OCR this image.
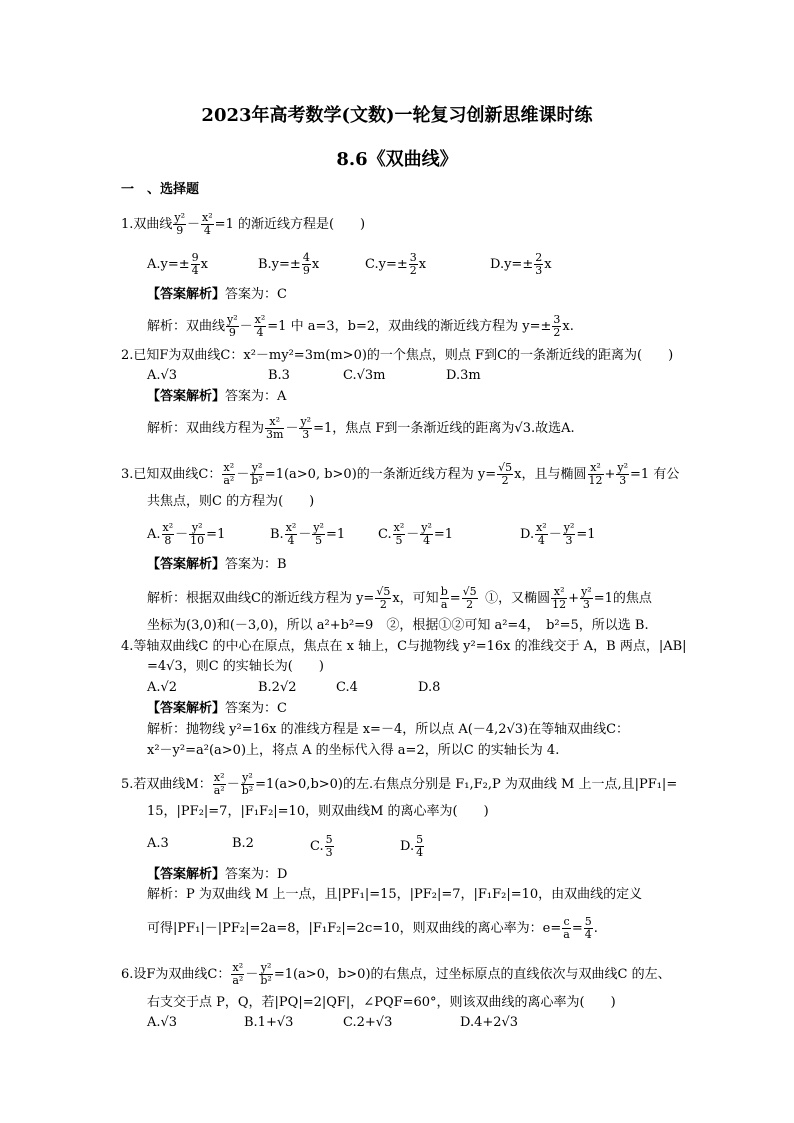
2023年高考数学(文数)一轮复习创新思维课时练
8.6《双曲线》
一　、选择题
1.双曲线 $\frac{\text{y²}}{9} - \frac{\text{x²}}{4} =1$ 的渐近线方程是(　　)
$A.y=\pm \frac{9}{4}$ x	$B.y=\pm \frac{4}{9}$ x	$C.y=\pm \frac{3}{2}$ x	$D.y=\pm \frac{2}{3}$ x
【答案解析】答案为：C
解析：双曲线 $\frac{\text{y²}}{9} - \frac{\text{x²}}{4} =1$ 中 a=3，b=2，双曲线的渐近线方程为 $y=\pm \frac{3}{2} x$.
2.已知F为双曲线C：x²－my²=3m(m>0)的一个焦点，则点 F到C的一条渐近线的距离为(　　)
A.√3	B.3	C.√3m	D.3m
【答案解析】答案为：A
解析：双曲线方程为 $\frac{\text{x²}}{3m} - \frac{\text{y²}}{3} =1$，焦点 F到一条渐近线的距离为√3.故选A.
3.已知双曲线C： $\frac{\text{x²}}{\text{a²}} - \frac{\text{y²}}{\text{b²}} =1(a>0$, b>0)的一条渐近线方程为 $y= \frac{√5}{2}$ x，且与椭圆 $\frac{\text{x²}}{12} + \frac{\text{y²}}{3} =1$ 有公
共焦点，则C 的方程为(　　)
A. $\frac{\text{x²}}{8} - \frac{\text{y²}}{10} =1$	B. $\frac{\text{x²}}{4} - \frac{\text{y²}}{5} =1$	C. $\frac{\text{x²}}{5} - \frac{\text{y²}}{4} =1$	D. $\frac{\text{x²}}{4} - \frac{\text{y²}}{3} =1$
【答案解析】答案为：B
解析：根据双曲线C的渐近线方程为 $y= \frac{√5}{2}$ x，可知 $\frac{b}{a} = \frac{√5}{2}$
  ①，又椭圆 $\frac{\text{x²}}{12} + \frac{\text{y²}}{3} =1$的焦点
坐标为(3,0)和(－3,0)，所以 a²+b²=9　②，根据①②可知 a²=4，　b²=5，所以选 B.
4.等轴双曲线C 的中心在原点，焦点在 x 轴上，C与抛物线 y²=16x 的准线交于 A，B 两点，|AB|
=4√3，则C 的实轴长为(　　)
A.√2	B.2√2	C.4	D.8
【答案解析】答案为：C
解析：抛物线 y²=16x 的准线方程是 x=－4，所以点 A(－4,2√3)在等轴双曲线C：
x²－y²=a²(a>0)上，将点 A 的坐标代入得 a=2，所以C 的实轴长为 4.
5.若双曲线M： $\frac{\text{x²}}{\text{a²}} - \frac{\text{y²}}{\text{b²}} =1(a>0,b>0)$的左.右焦点分别是 F₁,F₂,P 为双曲线 M 上一点,且|PF₁|=
15，|PF₂|=7，|F₁F₂|=10，则双曲线M 的离心率为(　　)
A.3	B.2	C. $\frac{5}{3}$	D. $\frac{5}{4}$
【答案解析】答案为：D
解析：P 为双曲线 M 上一点，且|PF₁|=15，|PF₂|=7，|F₁F₂|=10，由双曲线的定义
可得|PF₁|－|PF₂|=2a=8，|F₁F₂|=2c=10，则双曲线的离心率为：$e= \frac{c}{a} = \frac{5}{4}$ .
6.设F为双曲线C： $\frac{\text{x²}}{\text{a²}} - \frac{\text{y²}}{\text{b²}} =1(a>0$，b>0)的右焦点，过坐标原点的直线依次与双曲线C 的左、
右支交于点 P，Q，若|PQ|=2|QF|，∠PQF=60°，则该双曲线的离心率为(　　)
A.√3	B.1+√3	C.2+√3	D.4+2√3
